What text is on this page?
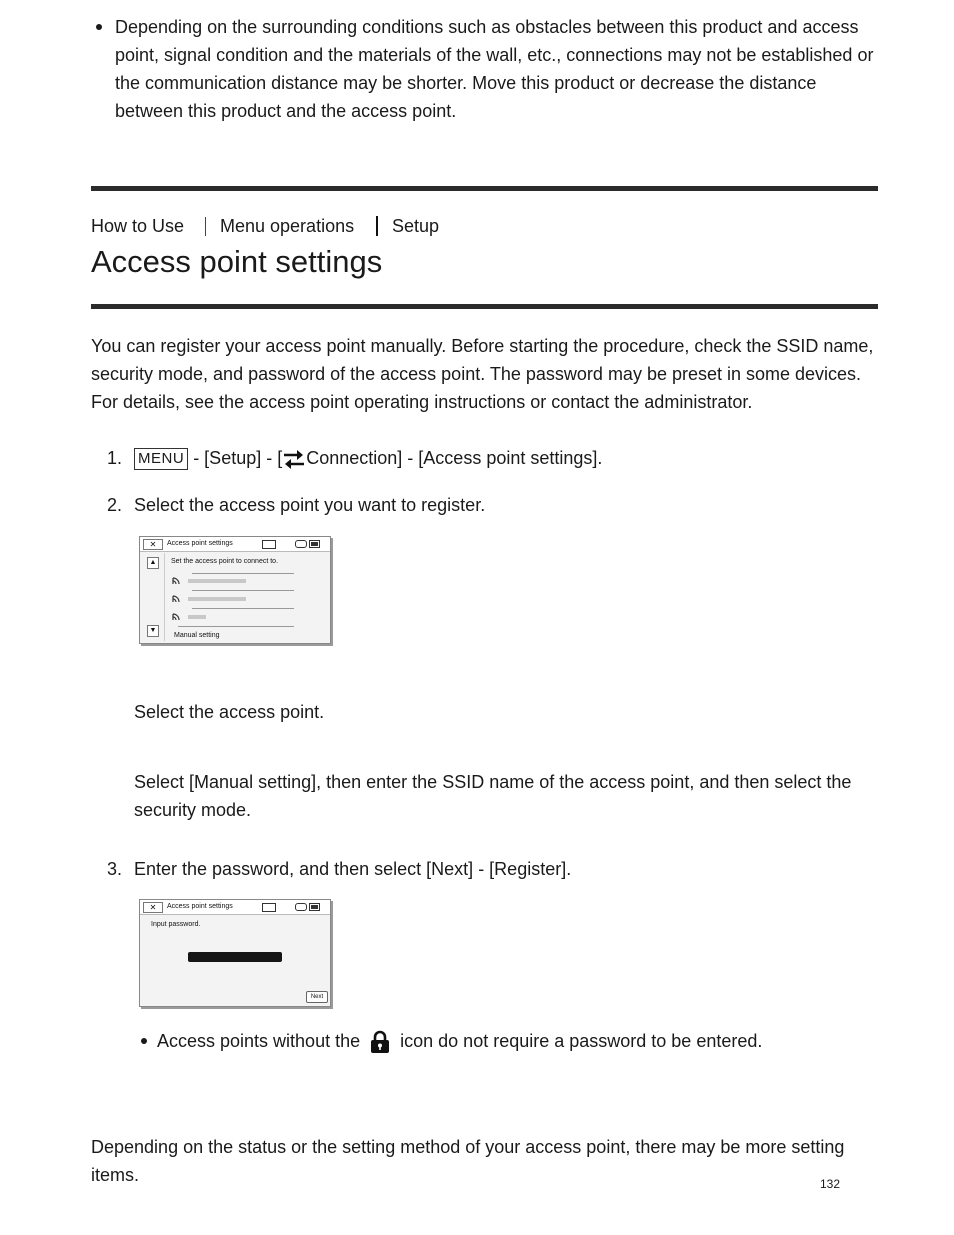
Depending on the surrounding conditions such as obstacles between this product and access point, signal condition and the materials of the wall, etc., connections may not be established or the communication distance may be shorter. Move this product or decrease the distance between this product and the access point.
How to Use Menu operations Setup
Access point settings
You can register your access point manually. Before starting the procedure, check the SSID name, security mode, and password of the access point. The password may be preset in some devices. For details, see the access point operating instructions or contact the administrator.
1. MENU - [Setup] - [ Connection] - [Access point settings].
2. Select the access point you want to register.
✕	Access point settings
▲
▼
Set the access point to connect to.
Manual setting
Select the access point.
Select [Manual setting], then enter the SSID name of the access point, and then select the security mode.
3. Enter the password, and then select [Next] - [Register].
✕	Access point settings
Input password.
Next
Access points without the icon do not require a password to be entered.
Depending on the status or the setting method of your access point, there may be more setting items.	132
